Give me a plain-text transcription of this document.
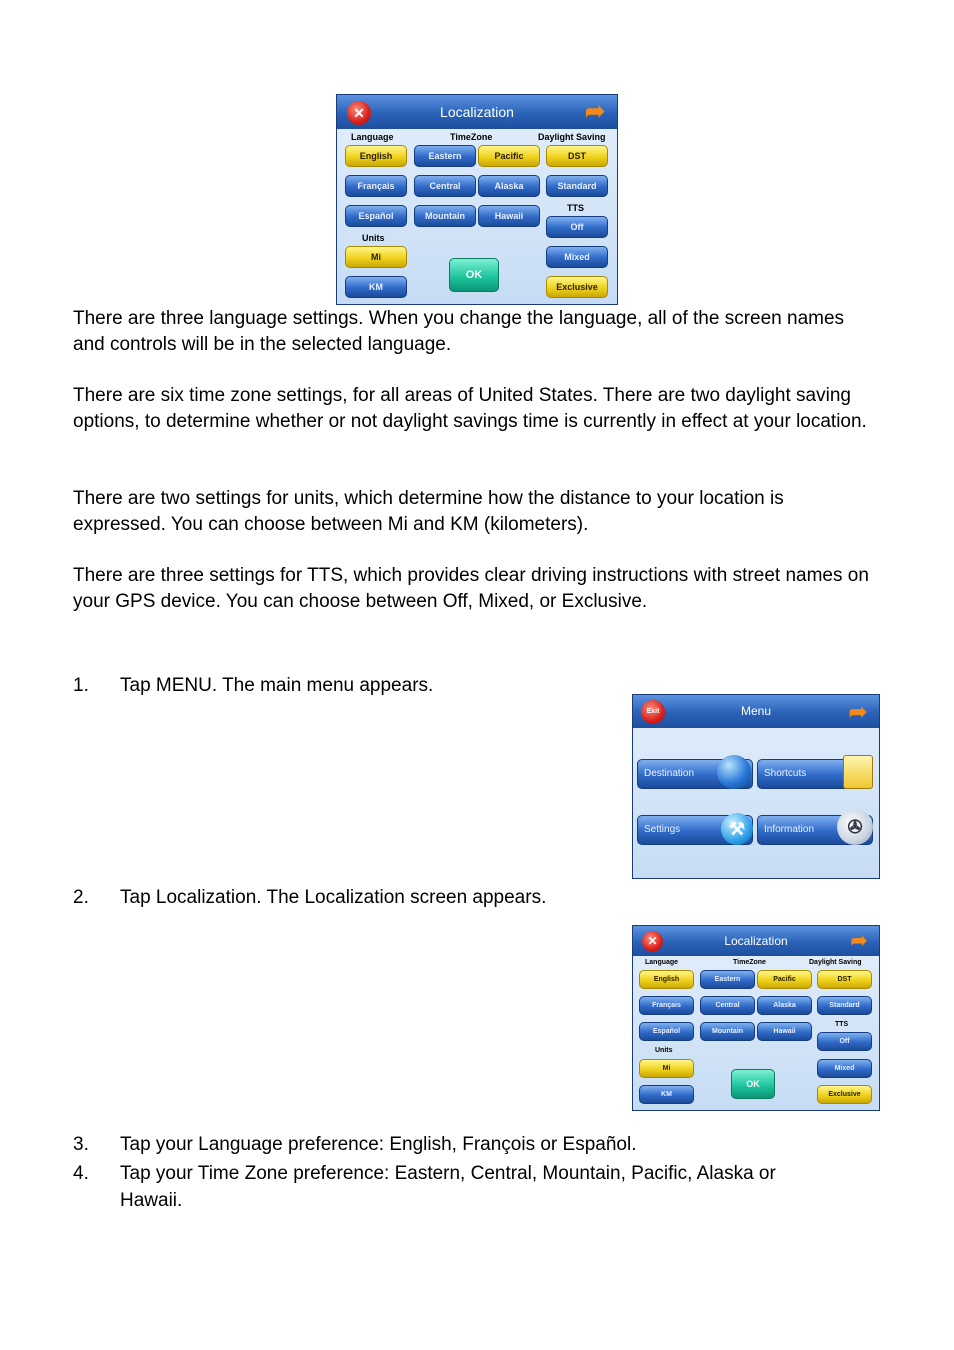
Localization
✕	➦
Language	TimeZone	Daylight Saving
English
Français
Español
Eastern	Pacific
Central	Alaska
Mountain	Hawaii
DST
Standard
TTS
Off
Mixed
Exclusive
Units
Mi
KM
OK

There are three language settings. When you change the language, all of the screen names and controls will be in the selected language.

There are six time zone settings, for all areas of United States. There are two daylight saving options, to determine whether or not daylight savings time is currently in effect at your location.

There are two settings for units, which determine how the distance to your location is expressed. You can choose between Mi and KM (kilometers).

There are three settings for TTS, which provides clear driving instructions with street names on your GPS device. You can choose between Off, Mixed, or Exclusive.

1.	Tap MENU. The main menu appears.
Menu
Exit	➦
Destination	Shortcuts
Settings	⚒	Information	✇
2.	Tap Localization. The Localization screen appears.
Localization
✕	➦
Language	TimeZone	Daylight Saving
English
Français
Español
Eastern	Pacific
Central	Alaska
Mountain	Hawaii
DST
Standard
TTS
Off
Mixed
Exclusive
Units
Mi
KM
OK
3.	Tap your Language preference: English, François or Español.
4.	Tap your Time Zone preference: Eastern, Central, Mountain, Pacific, Alaska or Hawaii.
